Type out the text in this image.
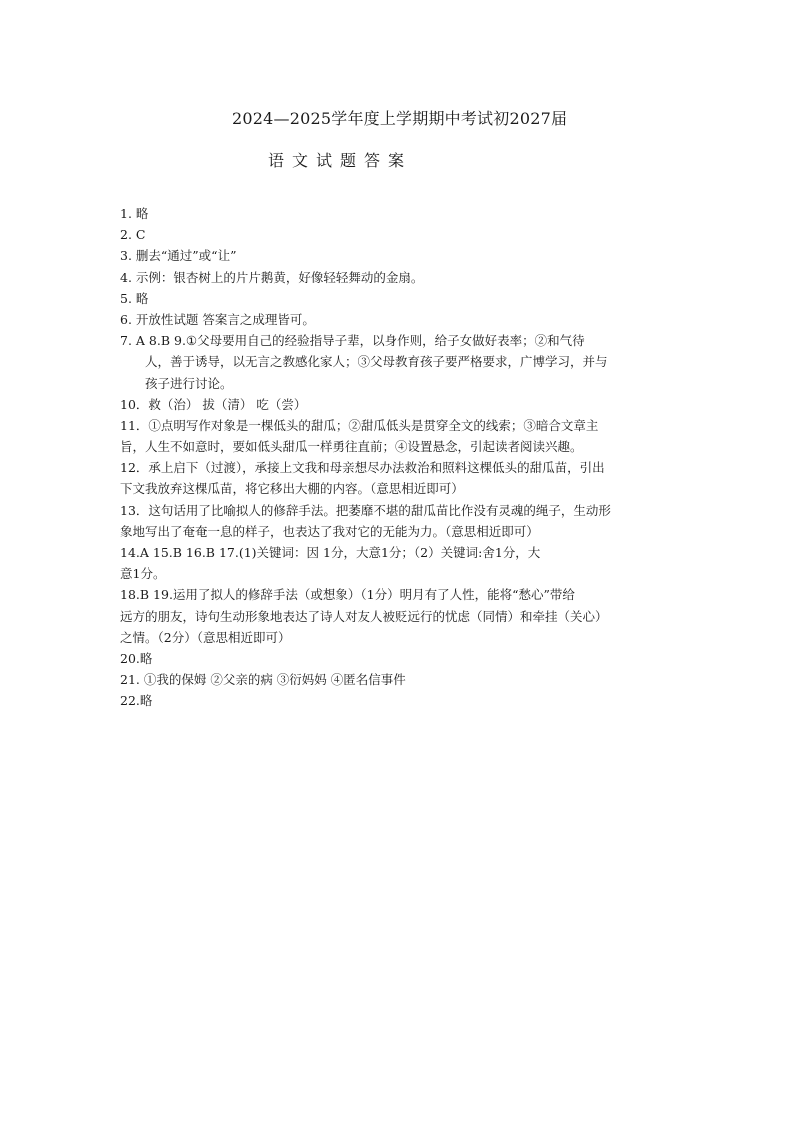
2024—2025学年度上学期期中考试初2027届
语文试题答案
1. 略
2. C
3. 删去“通过”或“让”
4. 示例：银杏树上的片片鹅黄，好像轻轻舞动的金扇。
5. 略
6. 开放性试题 答案言之成理皆可。
7. A 8.B 9.①父母要用自己的经验指导子辈，以身作则，给子女做好表率；②和气待
人，善于诱导，以无言之教感化家人；③父母教育孩子要严格要求，广博学习，并与
孩子进行讨论。
10．救（治） 拔（清） 吃（尝）
11．①点明写作对象是一棵低头的甜瓜；②甜瓜低头是贯穿全文的线索；③暗合文章主
旨，人生不如意时，要如低头甜瓜一样勇往直前；④设置悬念，引起读者阅读兴趣。
12．承上启下（过渡），承接上文我和母亲想尽办法救治和照料这棵低头的甜瓜苗，引出
下文我放弃这棵瓜苗，将它移出大棚的内容。（意思相近即可）
13．这句话用了比喻拟人的修辞手法。把萎靡不堪的甜瓜苗比作没有灵魂的绳子，生动形
象地写出了奄奄一息的样子，也表达了我对它的无能为力。（意思相近即可）
14.A 15.B 16.B 17.(1)关键词：因 1分，大意1分；（2）关键词:舍1分，大
意1分。
18.B 19.运用了拟人的修辞手法（或想象）（1分）明月有了人性，能将“愁心”带给
远方的朋友，诗句生动形象地表达了诗人对友人被贬远行的忧虑（同情）和牵挂（关心）
之情。（2分）（意思相近即可）
20.略
21. ①我的保姆 ②父亲的病 ③衍妈妈 ④匿名信事件
22.略
